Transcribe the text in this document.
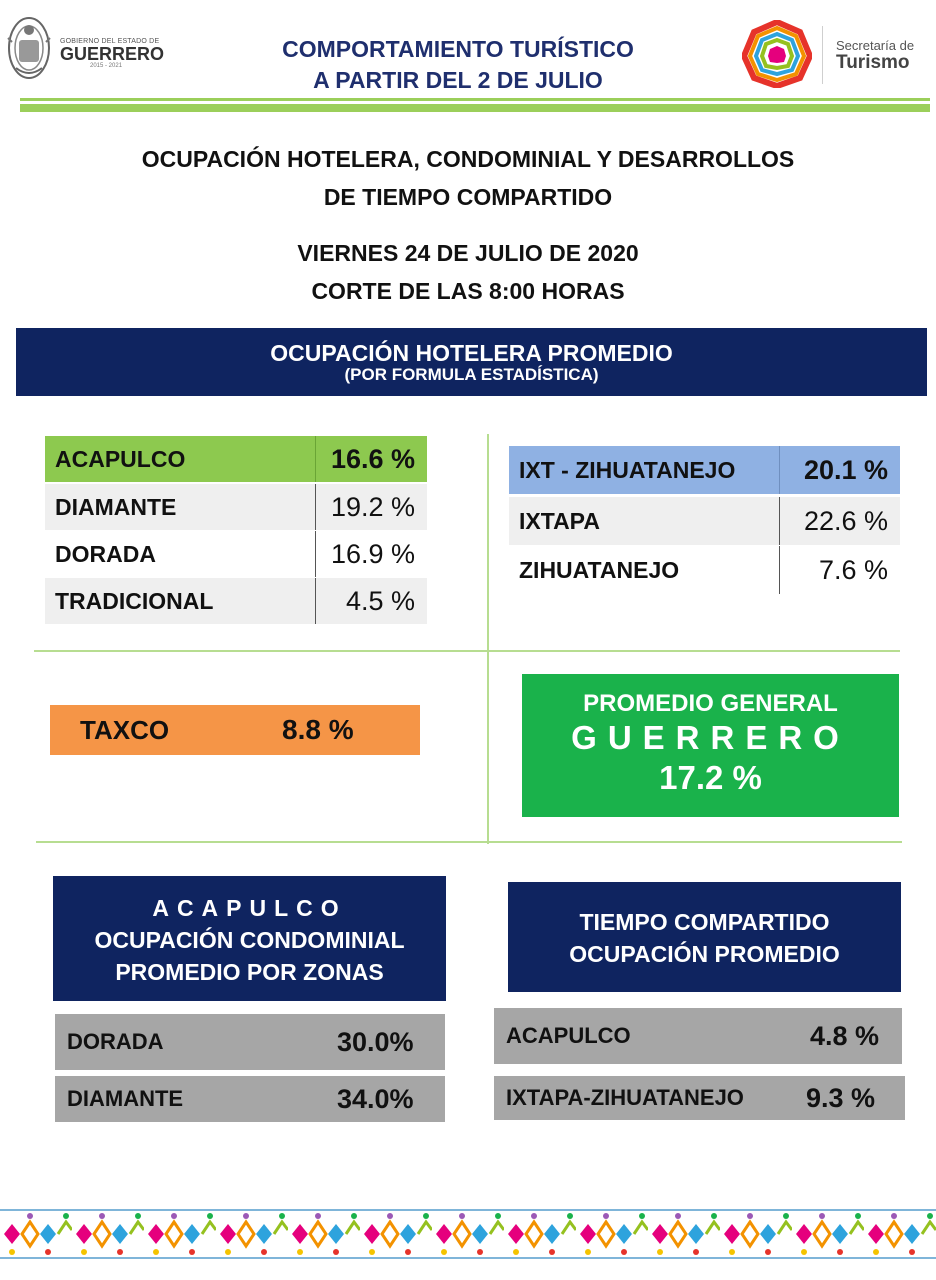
GOBIERNO DEL ESTADO DE
GUERRERO
2015 - 2021
COMPORTAMIENTO TURÍSTICO
A PARTIR DEL 2 DE JULIO
Secretaría de
Turismo
OCUPACIÓN HOTELERA, CONDOMINIAL Y DESARROLLOS
DE TIEMPO COMPARTIDO
VIERNES 24 DE JULIO DE 2020
CORTE DE LAS 8:00 HORAS
OCUPACIÓN HOTELERA PROMEDIO
(POR FORMULA ESTADÍSTICA)
ACAPULCO	16.6 %
DIAMANTE	19.2 %
DORADA	16.9 %
TRADICIONAL	4.5 %
IXT - ZIHUATANEJO	20.1 %
IXTAPA	22.6 %
ZIHUATANEJO	7.6 %
TAXCO	8.8 %
PROMEDIO GENERAL
GUERRERO
17.2 %
ACAPULCO
OCUPACIÓN CONDOMINIAL
PROMEDIO POR ZONAS
DORADA	30.0%
DIAMANTE	34.0%
TIEMPO COMPARTIDO
OCUPACIÓN PROMEDIO
ACAPULCO	4.8 %
IXTAPA-ZIHUATANEJO 9.3 %
